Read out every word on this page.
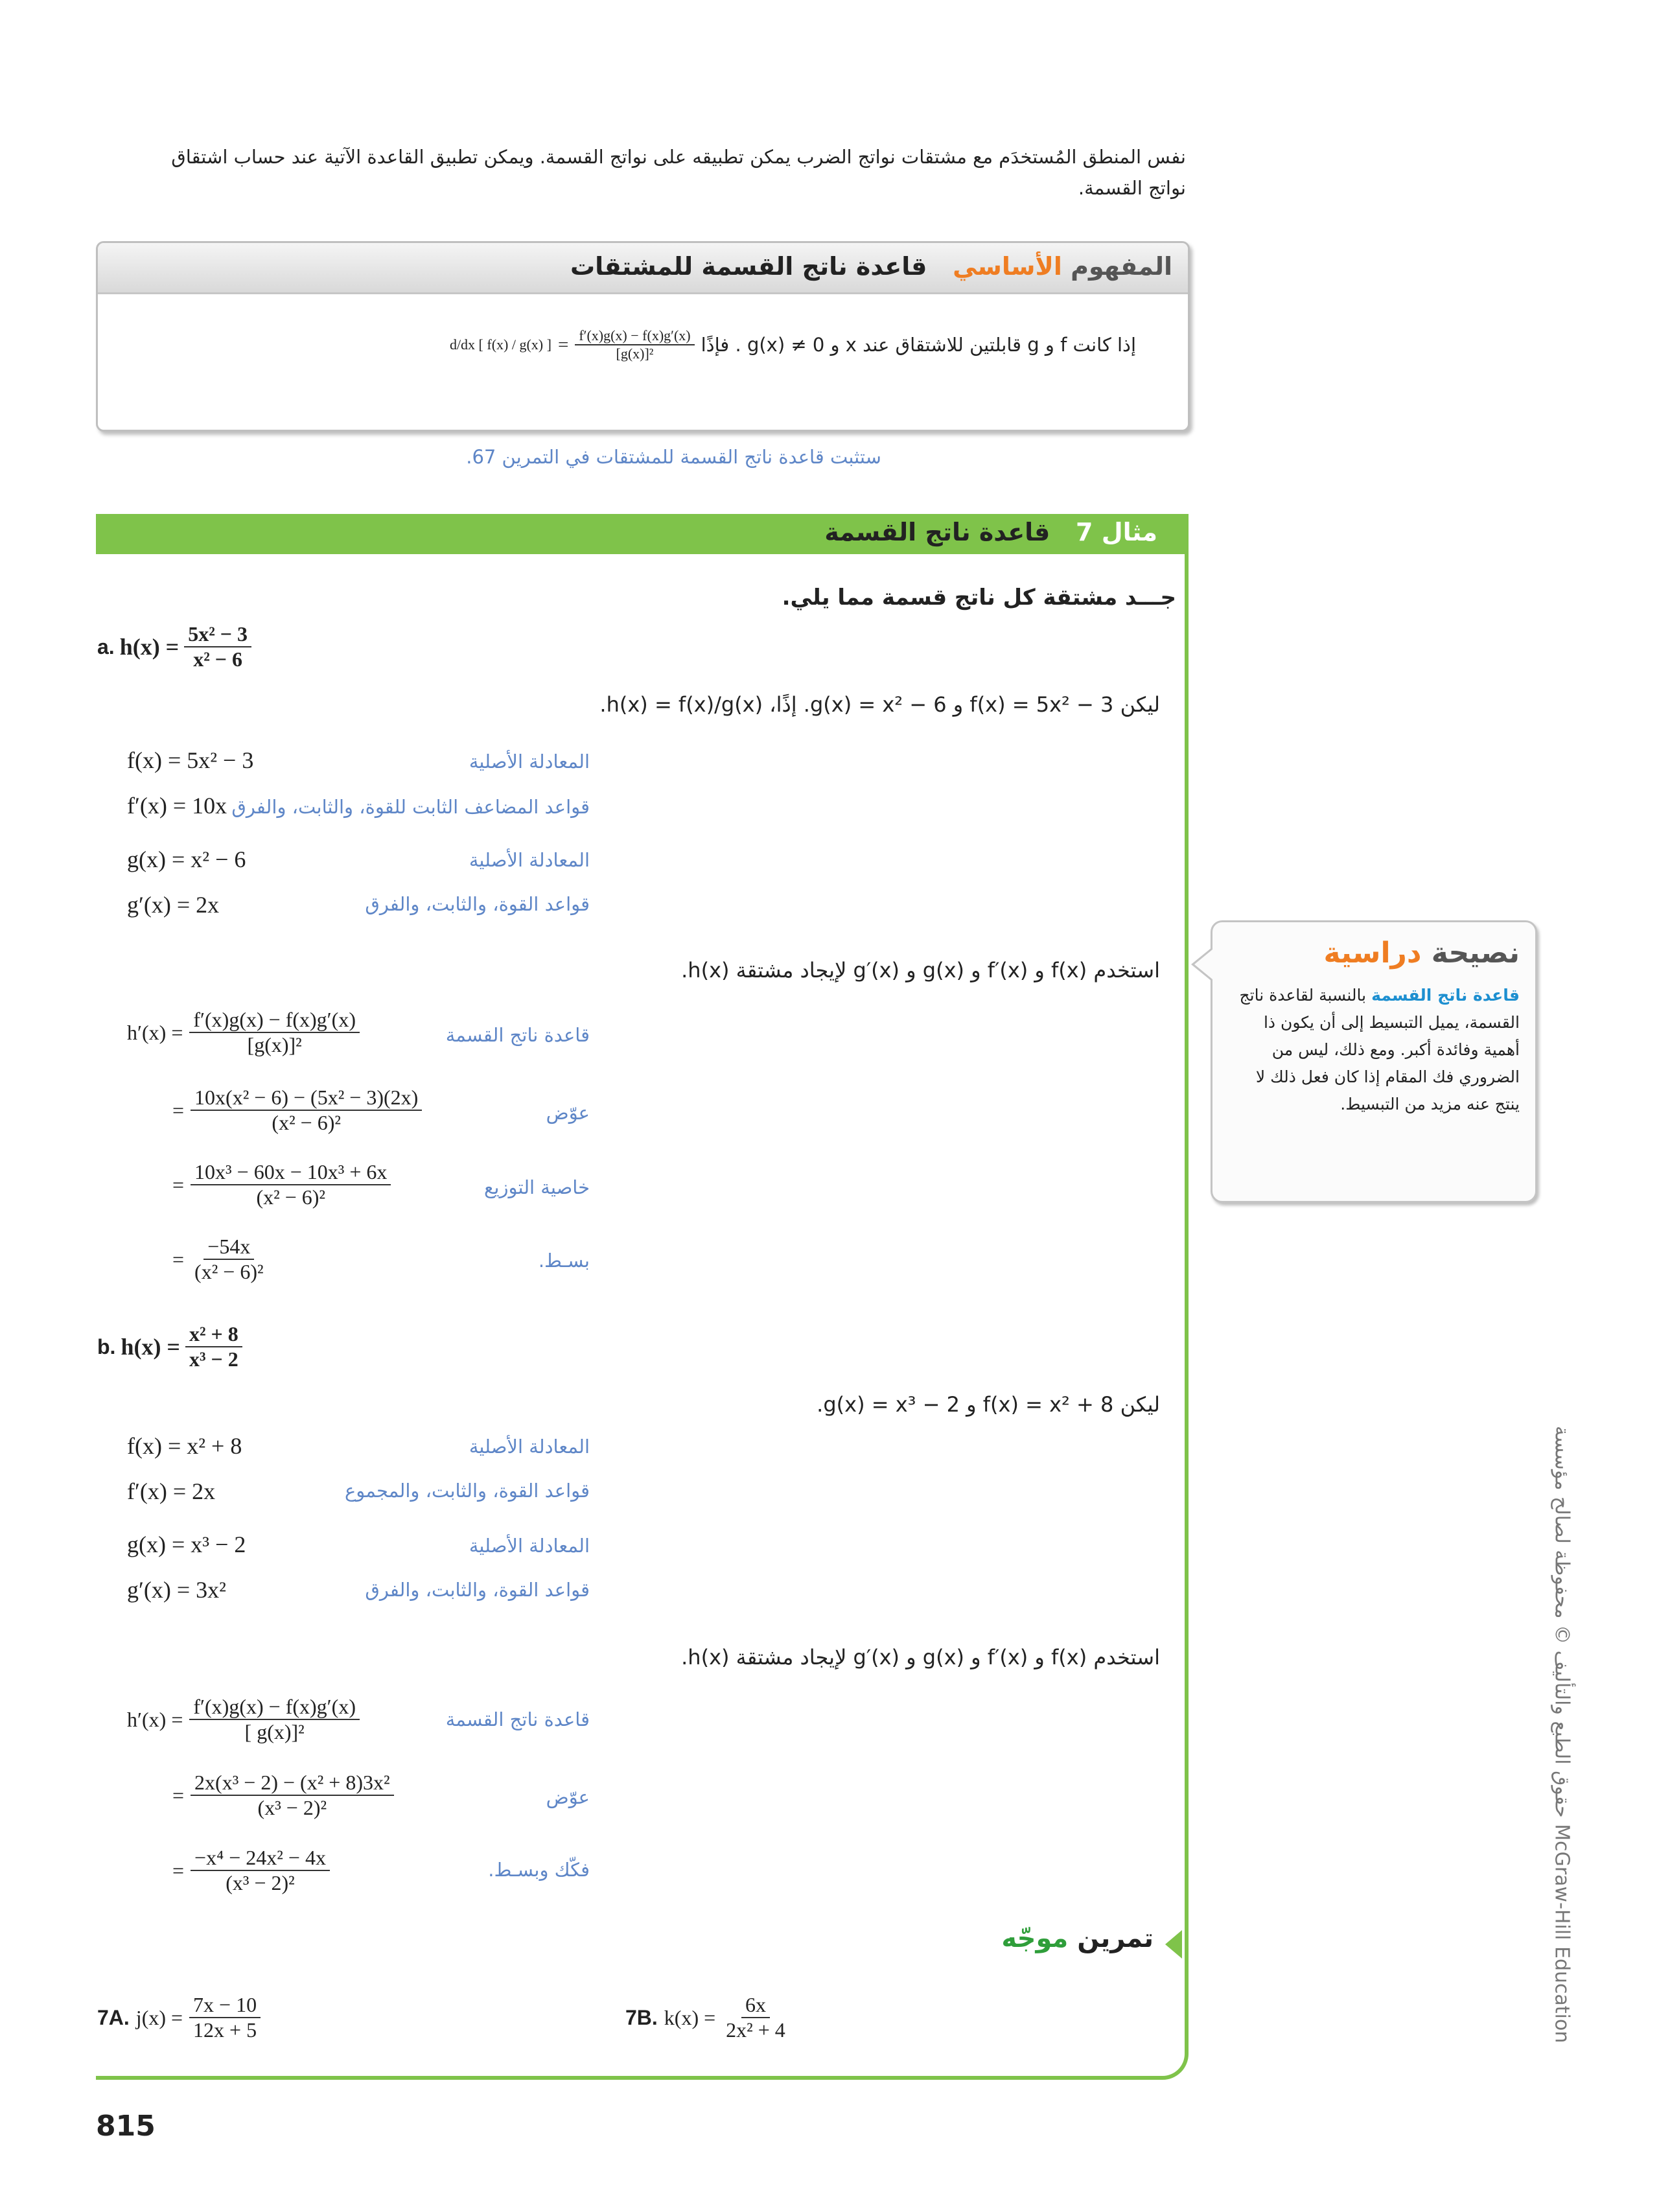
نفس المنطق المُستخدَم مع مشتقات نواتج الضرب يمكن تطبيقه على نواتج القسمة. ويمكن تطبيق القاعدة الآتية عند حساب اشتقاق نواتج القسمة.
المفهوم الأساسي   قاعدة ناتج القسمة للمشتقات
إذا كانت f و g قابلتين للاشتقاق عند x و g(x) ≠ 0 . فإذًا
$\frac{f'(x)g(x) - f(x)g'(x)}{\text{[g(x)]²}}$
=
d/dx [ f(x) / g(x) ]
ستثبت قاعدة ناتج القسمة للمشتقات في التمرين 67.
مثال 7   قاعدة ناتج القسمة
جـــد مشتقة كل ناتج قسمة مما يلي.
a. $h(x) = \frac{\text{5x² − 3}}{\text{x² − 6}}$
ليكن f(x) = 5x² − 3 و g(x) = x² − 6. إذًا، h(x) = f(x)/g(x).
f(x) = 5x² − 3	المعادلة الأصلية
f′(x) = 10x قواعد المضاعف الثابت للقوة، والثابت، والفرق
g(x) = x² − 6	المعادلة الأصلية
g′(x) = 2x	قواعد القوة، والثابت، والفرق
استخدم f(x) و f′(x) و g(x) و g′(x) لإيجاد مشتقة h(x).
$h'(x) = \frac{f'(x)g(x) - f(x)g'(x)}{\text{[g(x)]²}}$	قاعدة ناتج القسمة
= $\frac{\text{10x(x² − 6) − (5x² − 3)(2x)}}{\text{(x² − 6)²}}$	عوّض
= $\frac{\text{10x³ − 60x − 10x³ + 6x}}{\text{(x² − 6)²}}$	خاصية التوزيع
= $\frac{-54x}{\text{(x² − 6)²}}$	بسـط.
b. $h(x) = \frac{\text{x² + 8}}{\text{x³ − 2}}$
ليكن f(x) = x² + 8 و g(x) = x³ − 2.
f(x) = x² + 8	المعادلة الأصلية
f′(x) = 2x	قواعد القوة، والثابت، والمجموع
g(x) = x³ − 2	المعادلة الأصلية
g′(x) = 3x²	قواعد القوة، والثابت، والفرق
استخدم f(x) و f′(x) و g(x) و g′(x) لإيجاد مشتقة h(x).
$h'(x) = \frac{f'(x)g(x) - f(x)g'(x)}{\text{[ g(x)]²}}$	قاعدة ناتج القسمة
= $\frac{\text{2x(x³ − 2) − (x² + 8)3x²}}{\text{(x³ − 2)²}}$	عوّض
= $\frac{\text{−x⁴ − 24x² − 4x}}{\text{(x³ − 2)²}}$	فكّك وبسـط.
تمرين موجّه
7A. $j(x) = \frac{7x - 10}{12x + 5}$	7B. $k(x) = \frac{6x}{\text{2x² + 4}}$
نصيحة دراسية
قاعدة ناتج القسمة بالنسبة لقاعدة ناتج القسمة، يميل التبسيط إلى أن يكون ذا أهمية وفائدة أكبر. ومع ذلك، ليس من الضروري فك المقام إذا كان فعل ذلك لا ينتج عنه مزيد من التبسيط.
حقوق الطبع والتأليف © محفوظة لصالح مؤسسة McGraw-Hill Education
815
